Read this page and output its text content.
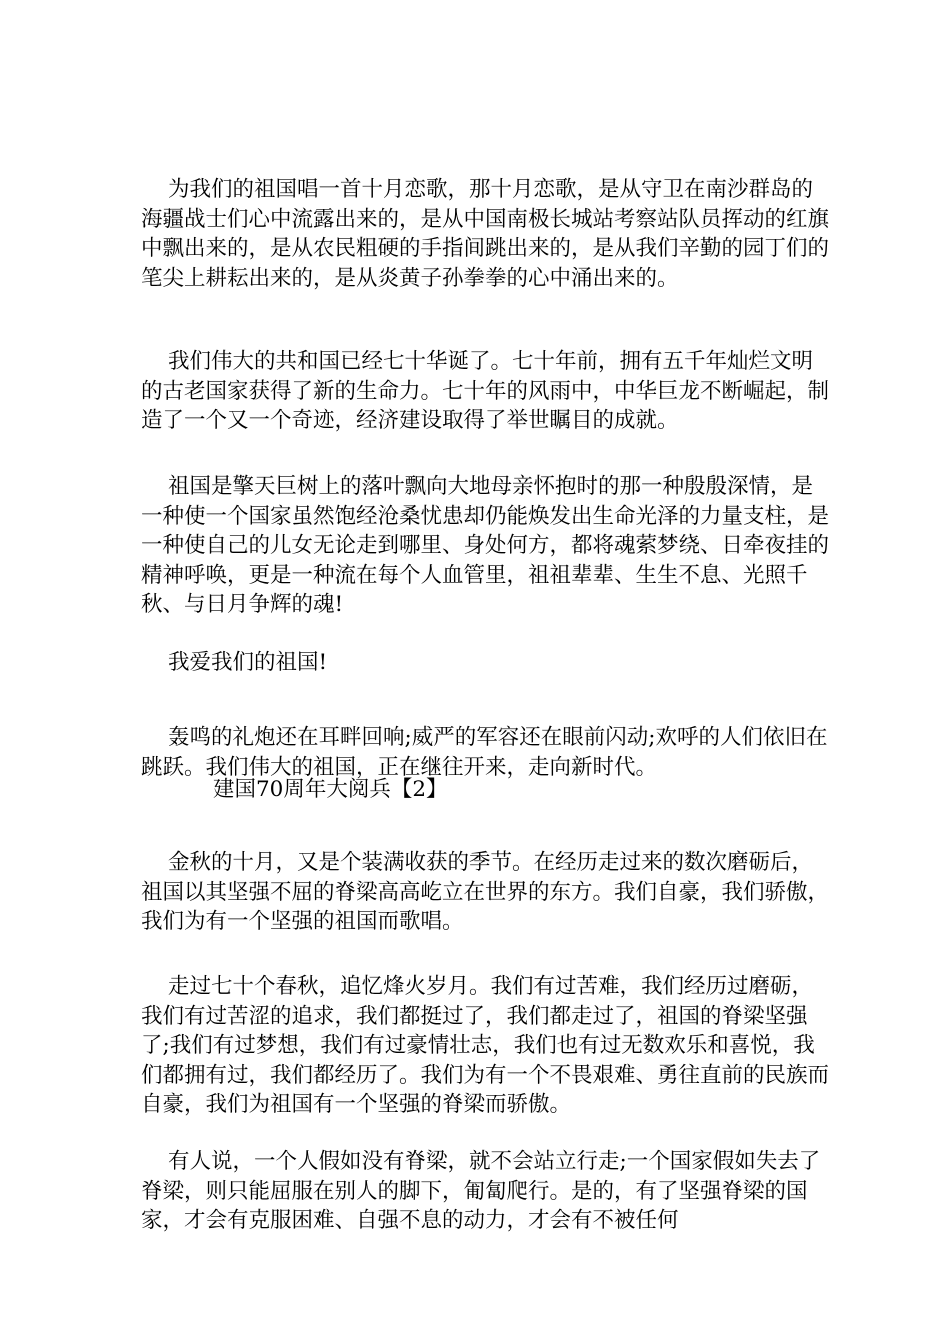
为我们的祖国唱一首十月恋歌，那十月恋歌，是从守卫在南沙群岛的海疆战士们心中流露出来的，是从中国南极长城站考察站队员挥动的红旗中飘出来的，是从农民粗硬的手指间跳出来的，是从我们辛勤的园丁们的笔尖上耕耘出来的，是从炎黄子孙拳拳的心中涌出来的。

我们伟大的共和国已经七十华诞了。七十年前，拥有五千年灿烂文明的古老国家获得了新的生命力。七十年的风雨中，中华巨龙不断崛起，制造了一个又一个奇迹，经济建设取得了举世瞩目的成就。

祖国是擎天巨树上的落叶飘向大地母亲怀抱时的那一种殷殷深情，是一种使一个国家虽然饱经沧桑忧患却仍能焕发出生命光泽的力量支柱，是一种使自己的儿女无论走到哪里、身处何方，都将魂萦梦绕、日牵夜挂的精神呼唤，更是一种流在每个人血管里，祖祖辈辈、生生不息、光照千秋、与日月争辉的魂!

我爱我们的祖国!

轰鸣的礼炮还在耳畔回响;威严的军容还在眼前闪动;欢呼的人们依旧在跳跃。我们伟大的祖国，正在继往开来，走向新时代。

建国70周年大阅兵【2】

金秋的十月，又是个装满收获的季节。在经历走过来的数次磨砺后，祖国以其坚强不屈的脊梁高高屹立在世界的东方。我们自豪，我们骄傲，我们为有一个坚强的祖国而歌唱。

走过七十个春秋，追忆烽火岁月。我们有过苦难，我们经历过磨砺，我们有过苦涩的追求，我们都挺过了，我们都走过了，祖国的脊梁坚强了;我们有过梦想，我们有过豪情壮志，我们也有过无数欢乐和喜悦，我们都拥有过，我们都经历了。我们为有一个不畏艰难、勇往直前的民族而自豪，我们为祖国有一个坚强的脊梁而骄傲。

有人说，一个人假如没有脊梁，就不会站立行走;一个国家假如失去了脊梁，则只能屈服在别人的脚下，匍匐爬行。是的，有了坚强脊梁的国家，才会有克服困难、自强不息的动力，才会有不被任何
